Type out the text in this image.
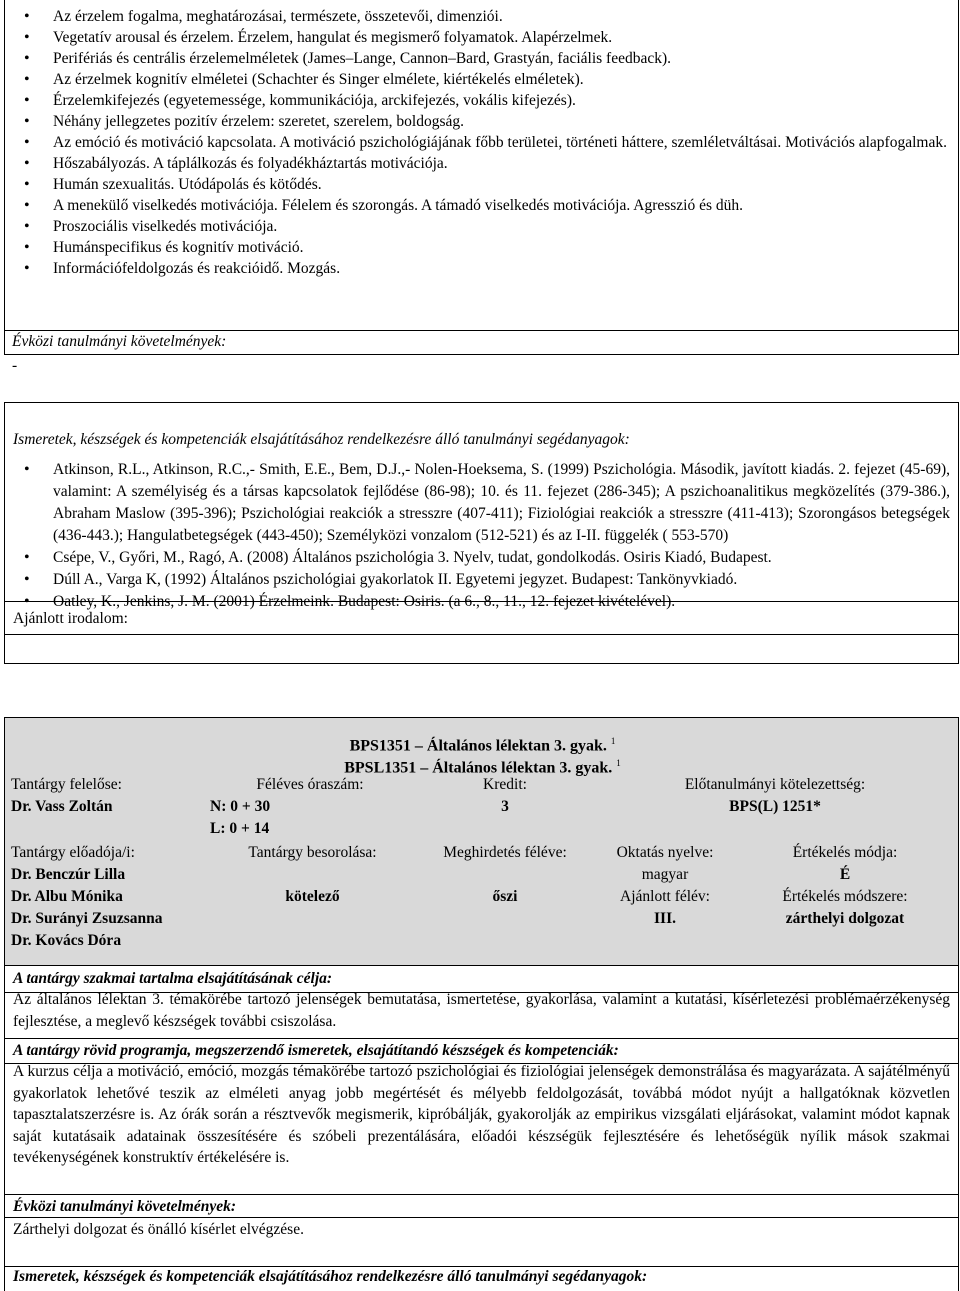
• Az érzelem fogalma, meghatározásai, természete, összetevői, dimenziói.
• Vegetatív arousal és érzelem. Érzelem, hangulat és megismerő folyamatok. Alapérzelmek.
• Perifériás és centrális érzelemelméletek (James–Lange, Cannon–Bard, Grastyán, faciális feedback).
• Az érzelmek kognitív elméletei (Schachter és Singer elmélete, kiértékelés elméletek).
• Érzelemkifejezés (egyetemessége, kommunikációja, arckifejezés, vokális kifejezés).
• Néhány jellegzetes pozitív érzelem: szeretet, szerelem, boldogság.
• Az emóció és motiváció kapcsolata. A motiváció pszichológiájának főbb területei, történeti háttere, szemléletváltásai. Motivációs alapfogalmak.
• Hőszabályozás. A táplálkozás és folyadékháztartás motivációja.
• Humán szexualitás. Utódápolás és kötődés.
• A menekülő viselkedés motivációja. Félelem és szorongás. A támadó viselkedés motivációja. Agresszió és düh.
• Proszociális viselkedés motivációja.
• Humánspecifikus és kognitív motiváció.
• Információfeldolgozás és reakcióidő. Mozgás.
Évközi tanulmányi követelmények:
-
Ismeretek, készségek és kompetenciák elsajátításához rendelkezésre álló tanulmányi segédanyagok:
• Atkinson, R.L., Atkinson, R.C.,- Smith, E.E., Bem, D.J.,- Nolen-Hoeksema, S. (1999) Pszichológia. Második, javított kiadás. 2. fejezet (45-69), valamint: A személyiség és a társas kapcsolatok fejlődése (86-98); 10. és 11. fejezet (286-345); A pszichoanalitikus megközelítés (379-386.), Abraham Maslow (395-396); Pszichológiai reakciók a stresszre (407-411); Fiziológiai reakciók a stresszre (411-413); Szorongásos betegségek (436-443.); Hangulatbetegségek (443-450); Személyközi vonzalom (512-521) és az I-II. függelék ( 553-570)
• Csépe, V., Győri, M., Ragó, A. (2008) Általános pszichológia 3. Nyelv, tudat, gondolkodás. Osiris Kiadó, Budapest.
• Dúll A., Varga K, (1992) Általános pszichológiai gyakorlatok II. Egyetemi jegyzet. Budapest: Tankönyvkiadó.
• Oatley, K., Jenkins, J. M. (2001) Érzelmeink. Budapest: Osiris. (a 6., 8., 11., 12. fejezet kivételével).
Ajánlott irodalom:
BPS1351 – Általános lélektan 3. gyak. $^1$
BPSL1351 – Általános lélektan 3. gyak. $^1$
Tantárgy felelőse:
Dr. Vass Zoltán
Féléves óraszám:
N: 0 + 30
L: 0 + 14
Kredit:
3
Előtanulmányi kötelezettség:
BPS(L) 1251*
Tantárgy előadója/i:
Dr. Benczúr Lilla
Dr. Albu Mónika
Dr. Surányi Zsuzsanna
Dr. Kovács Dóra
Tantárgy besorolása:
kötelező
Meghirdetés féléve:
őszi
Oktatás nyelve:
magyar
Ajánlott félév:
III.
Értékelés módja:
É
Értékelés módszere:
zárthelyi dolgozat
A tantárgy szakmai tartalma elsajátításának célja:
Az általános lélektan 3. témakörébe tartozó jelenségek bemutatása, ismertetése, gyakorlása, valamint a kutatási, kísérletezési problémaérzékenység fejlesztése, a meglevő készségek további csiszolása.
A tantárgy rövid programja, megszerzendő ismeretek, elsajátítandó készségek és kompetenciák:
A kurzus célja a motiváció, emóció, mozgás témakörébe tartozó pszichológiai és fiziológiai jelenségek demonstrálása és magyarázata. A sajátélményű gyakorlatok lehetővé teszik az elméleti anyag jobb megértését és mélyebb feldolgozását, továbbá módot nyújt a hallgatóknak közvetlen tapasztalatszerzésre is. Az órák során a résztvevők megismerik, kipróbálják, gyakorolják az empirikus vizsgálati eljárásokat, valamint módot kapnak saját kutatásaik adatainak összesítésére és szóbeli prezentálására, előadói készségük fejlesztésére és lehetőségük nyílik mások szakmai tevékenységének konstruktív értékelésére is.
Évközi tanulmányi követelmények:
Zárthelyi dolgozat és önálló kísérlet elvégzése.
Ismeretek, készségek és kompetenciák elsajátításához rendelkezésre álló tanulmányi segédanyagok:
